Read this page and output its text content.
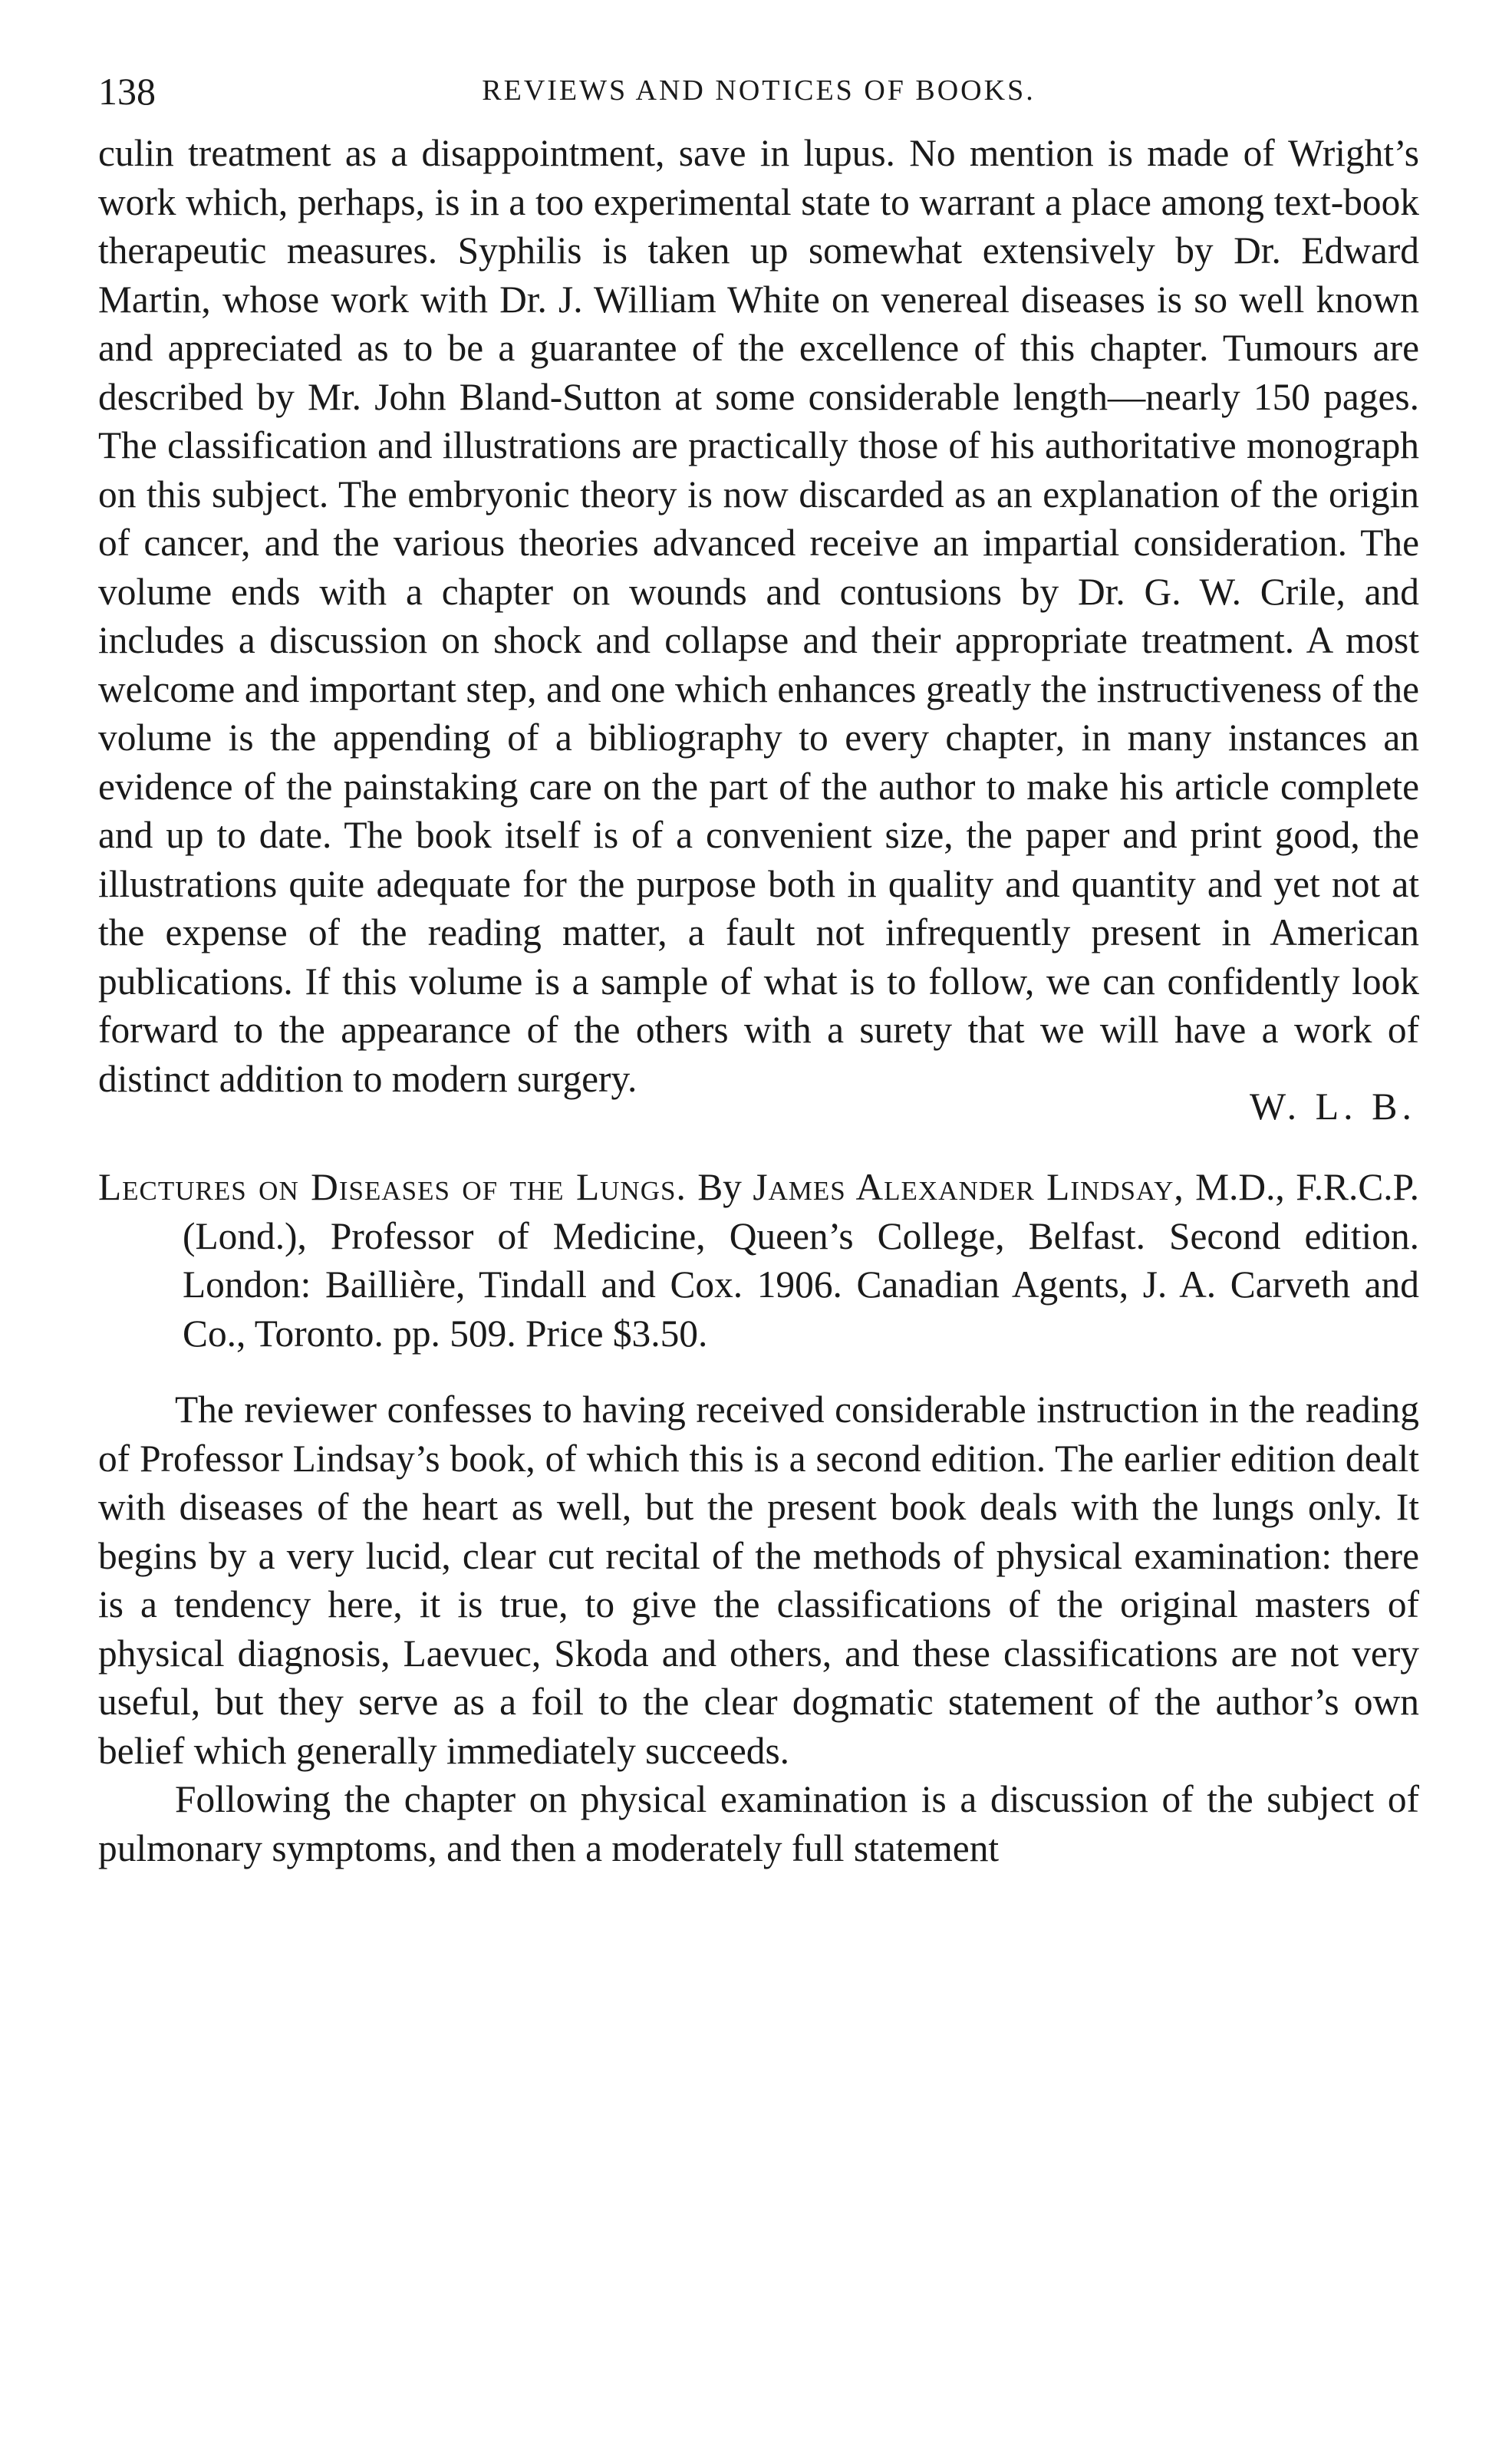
138	REVIEWS AND NOTICES OF BOOKS.

culin treatment as a disappointment, save in lupus. No mention is made of Wright’s work which, perhaps, is in a too experimental state to warrant a place among text-book therapeutic measures. Syphilis is taken up somewhat extensively by Dr. Edward Martin, whose work with Dr. J. William White on venereal diseases is so well known and appreciated as to be a guarantee of the excellence of this chapter. Tumours are described by Mr. John Bland-Sutton at some considerable length—nearly 150 pages. The classification and illustrations are practically those of his authoritative monograph on this subject. The embryonic theory is now discarded as an explanation of the origin of cancer, and the various theories advanced receive an impartial consideration. The volume ends with a chapter on wounds and contusions by Dr. G. W. Crile, and includes a discussion on shock and collapse and their appropriate treatment. A most welcome and important step, and one which enhances greatly the instructiveness of the volume is the appending of a bibliography to every chapter, in many instances an evidence of the painstaking care on the part of the author to make his article complete and up to date. The book itself is of a convenient size, the paper and print good, the illustrations quite adequate for the purpose both in quality and quantity and yet not at the expense of the reading matter, a fault not infrequently present in American publications. If this volume is a sample of what is to follow, we can confidently look forward to the appearance of the others with a surety that we will have a work of distinct addition to modern surgery.

W. L. B.
Lectures on Diseases of the Lungs. By James Alexander Lindsay, M.D., F.R.C.P. (Lond.), Professor of Medicine, Queen’s College, Belfast. Second edition. London: Baillière, Tindall and Cox. 1906. Canadian Agents, J. A. Carveth and Co., Toronto. pp. 509. Price $3.50.

The reviewer confesses to having received considerable instruction in the reading of Professor Lindsay’s book, of which this is a second edition. The earlier edition dealt with diseases of the heart as well, but the present book deals with the lungs only. It begins by a very lucid, clear cut recital of the methods of physical examination: there is a tendency here, it is true, to give the classifications of the original masters of physical diagnosis, Laevuec, Skoda and others, and these classifications are not very useful, but they serve as a foil to the clear dogmatic statement of the author’s own belief which generally immediately succeeds.

Following the chapter on physical examination is a discussion of the subject of pulmonary symptoms, and then a moderately full statement
